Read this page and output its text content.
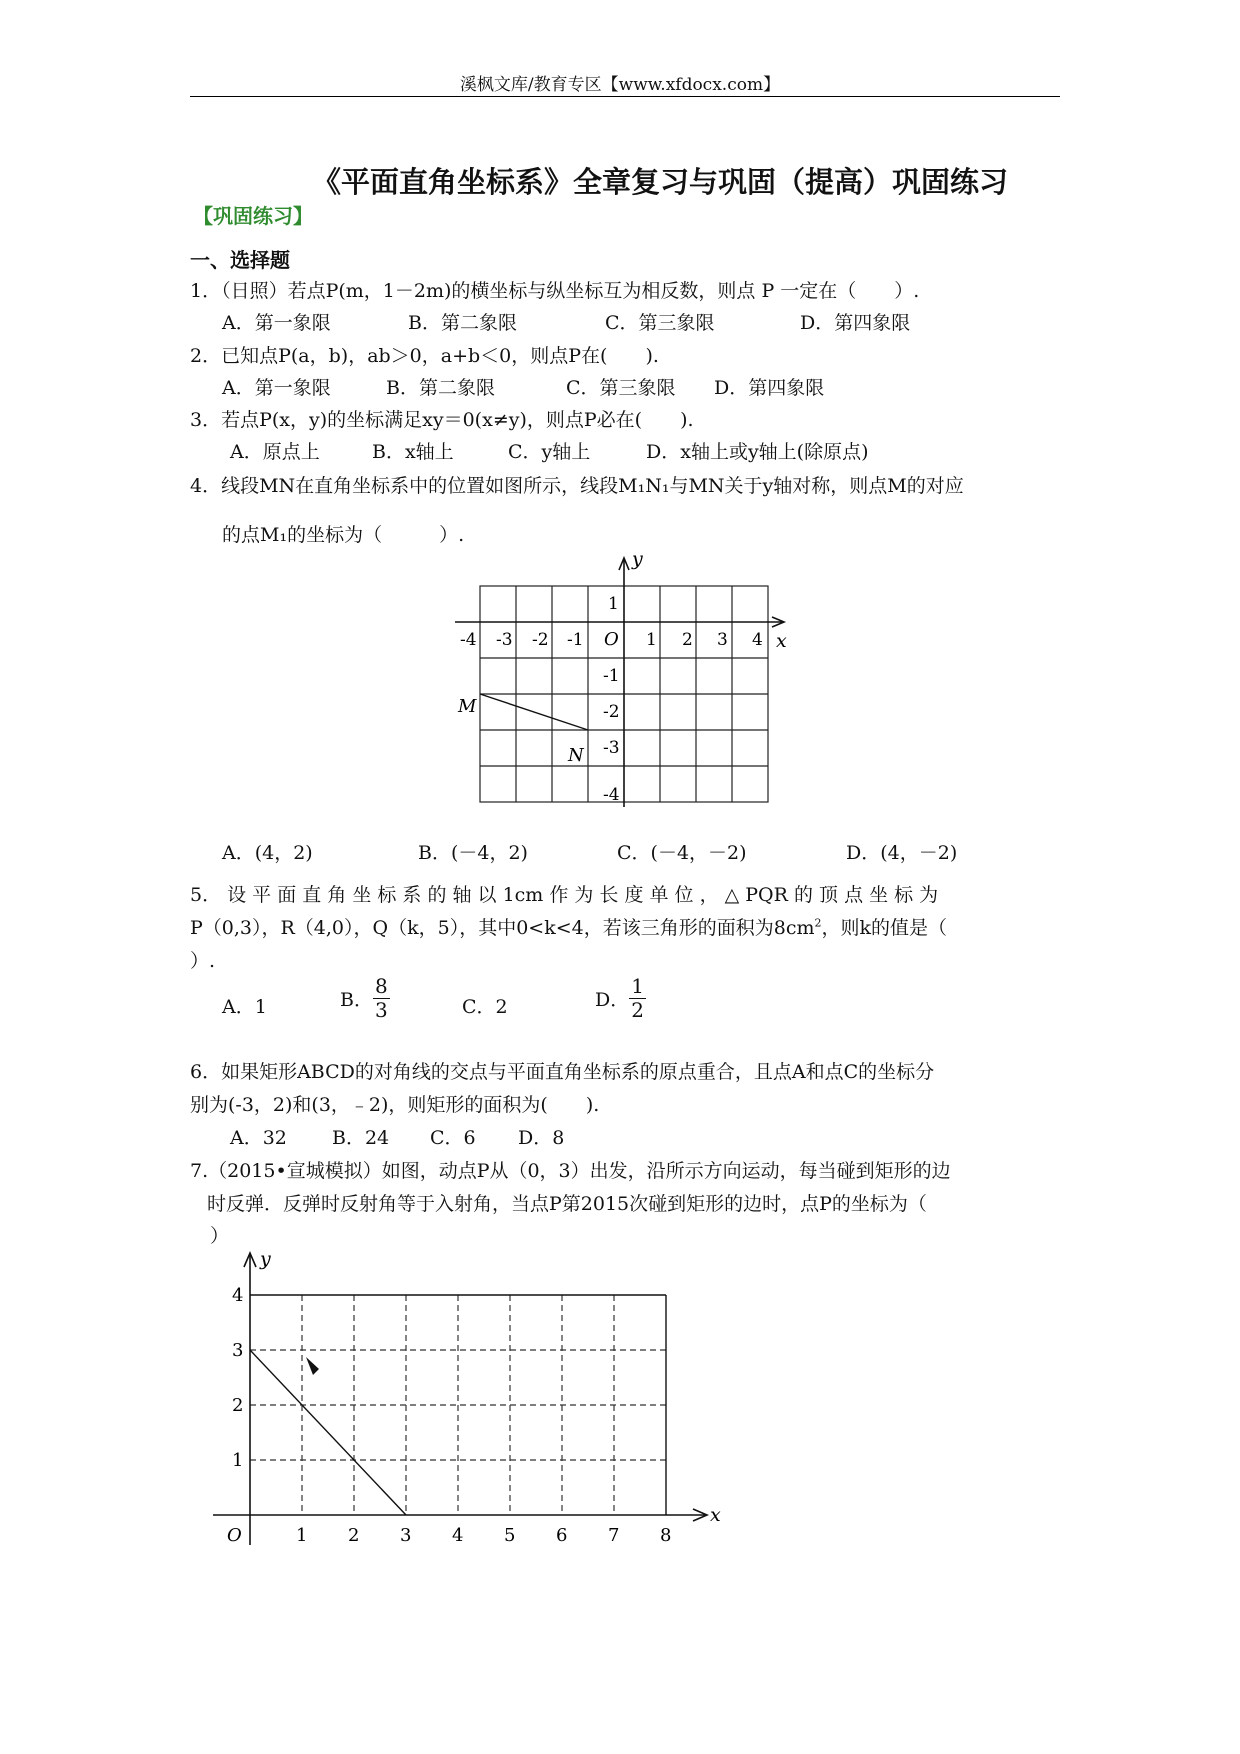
溪枫文库/教育专区【www.xfdocx.com】
《平面直角坐标系》全章复习与巩固（提高）巩固练习
【巩固练习】
一、选择题
1．（日照）若点P(m，1－2m)的横坐标与纵坐标互为相反数，则点 P 一定在（　　）.
A．第一象限	B．第二象限	C．第三象限	D．第四象限
2．已知点P(a，b)，ab＞0，a+b＜0，则点P在(　　).
A．第一象限	B．第二象限	C．第三象限 D．第四象限
3．若点P(x，y)的坐标满足xy＝0(x≠y)，则点P必在(　　).
A．原点上	B．x轴上	C．y轴上	D．x轴上或y轴上(除原点)
4．线段MN在直角坐标系中的位置如图所示，线段M₁N₁与MN关于y轴对称，则点M的对应
的点M₁的坐标为（　　　）.
y
x
O
-4 -3 -2 -1	1 2 3 4
1
-1
-2
-3
-4
M
N
A．(4，2)	B．(－4，2)	C．(－4，－2)	D．(4，－2)
5． 设 平 面 直 角 坐 标 系 的 轴 以 1cm 作 为 长 度 单 位 ， △ PQR 的 顶 点 坐 标 为
P（0,3），R（4,0），Q（k，5），其中0<k<4，若该三角形的面积为$8cm^2$，则k的值是（
）.
A．1	B． $\frac{8}{3}$	C．2	D． $\frac{1}{2}$
6．如果矩形ABCD的对角线的交点与平面直角坐标系的原点重合，且点A和点C的坐标分
别为(-3，2)和(3，﹣2)，则矩形的面积为(　　).
A．32 B．24 C．6 D．8
7.（2015•宣城模拟）如图，动点P从（0，3）出发，沿所示方向运动，每当碰到矩形的边
时反弹．反弹时反射角等于入射角，当点P第2015次碰到矩形的边时，点P的坐标为（
）
y
x
O	1 2 3 4 5 6 7 8
1
2
3
4
